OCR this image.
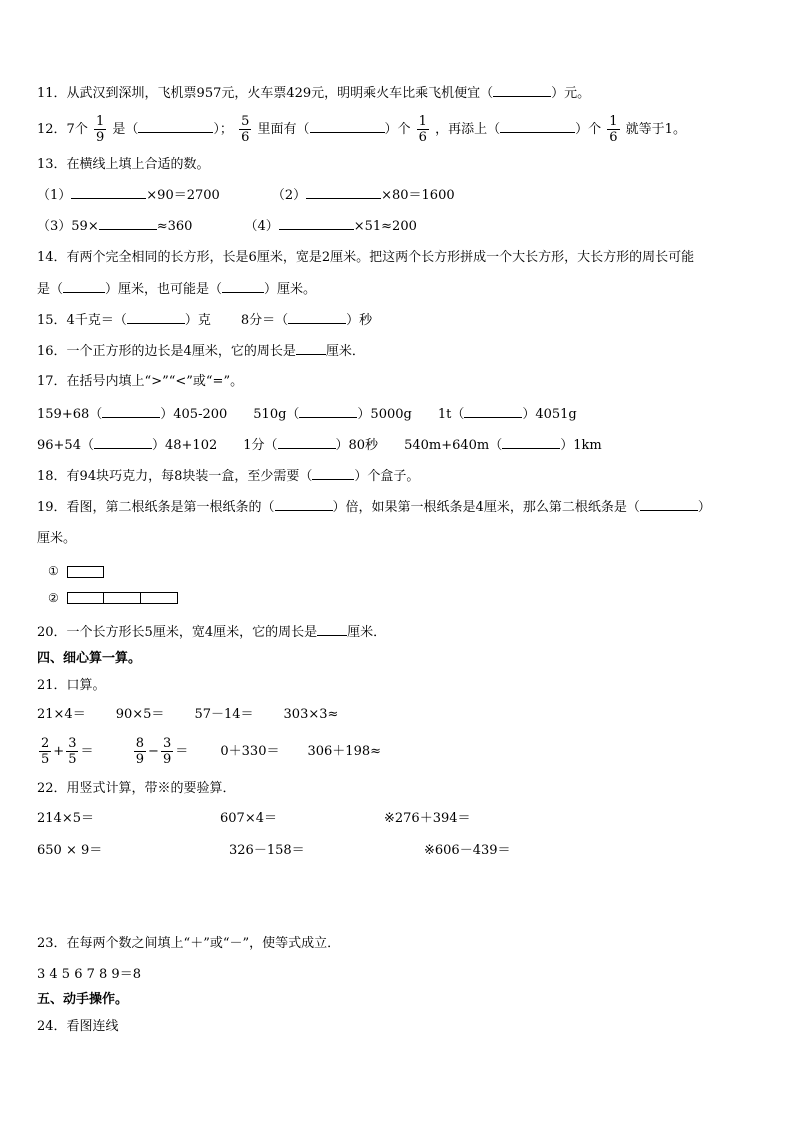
11．从武汉到深圳，飞机票957元，火车票429元，明明乘火车比乘飞机便宜（	）元。
12．7个 $\frac{1}{9}$ 是（	）； $\frac{5}{6}$ 里面有（	）个 $\frac{1}{6}$ ，再添上（	）个 $\frac{1}{6}$ 就等于1。
13．在横线上填上合适的数。
（1）	×90＝2700	（2）	×80＝1600
（3）59×	≈360	（4）	×51≈200
14．有两个完全相同的长方形，长是6厘米，宽是2厘米。把这两个长方形拼成一个大长方形，大长方形的周长可能
是（	）厘米，也可能是（	）厘米。
15．4千克＝（	）克 8分＝（	）秒
16．一个正方形的边长是4厘米，它的周长是 厘米．
17．在括号内填上“>”“<”或“=”。
159+68（	）405-200 510g（	）5000g 1t（	）4051g
96+54（	）48+102 1分（	）80秒 540m+640m（	）1km
18．有94块巧克力，每8块装一盒，至少需要（	）个盒子。
19．看图，第二根纸条是第一根纸条的（	）倍，如果第一根纸条是4厘米，那么第二根纸条是（	）
厘米。
①
②
20．一个长方形长5厘米，宽4厘米，它的周长是 厘米．
四、细心算一算。
21．口算。
21×4＝ 90×5＝ 57－14＝ 303×3≈
$\frac{2}{5} + \frac{3}{5}$ ＝	$\frac{8}{9} - \frac{3}{9} = 0+330= 306+198\approx$
22．用竖式计算，带※的要验算．
214×5＝	607×4＝	※276＋394＝
650 × 9＝	326－158＝	※606－439＝
23．在每两个数之间填上“＋”或“－”，使等式成立．
3 4 5 6 7 8 9＝8
五、动手操作。
24．看图连线
